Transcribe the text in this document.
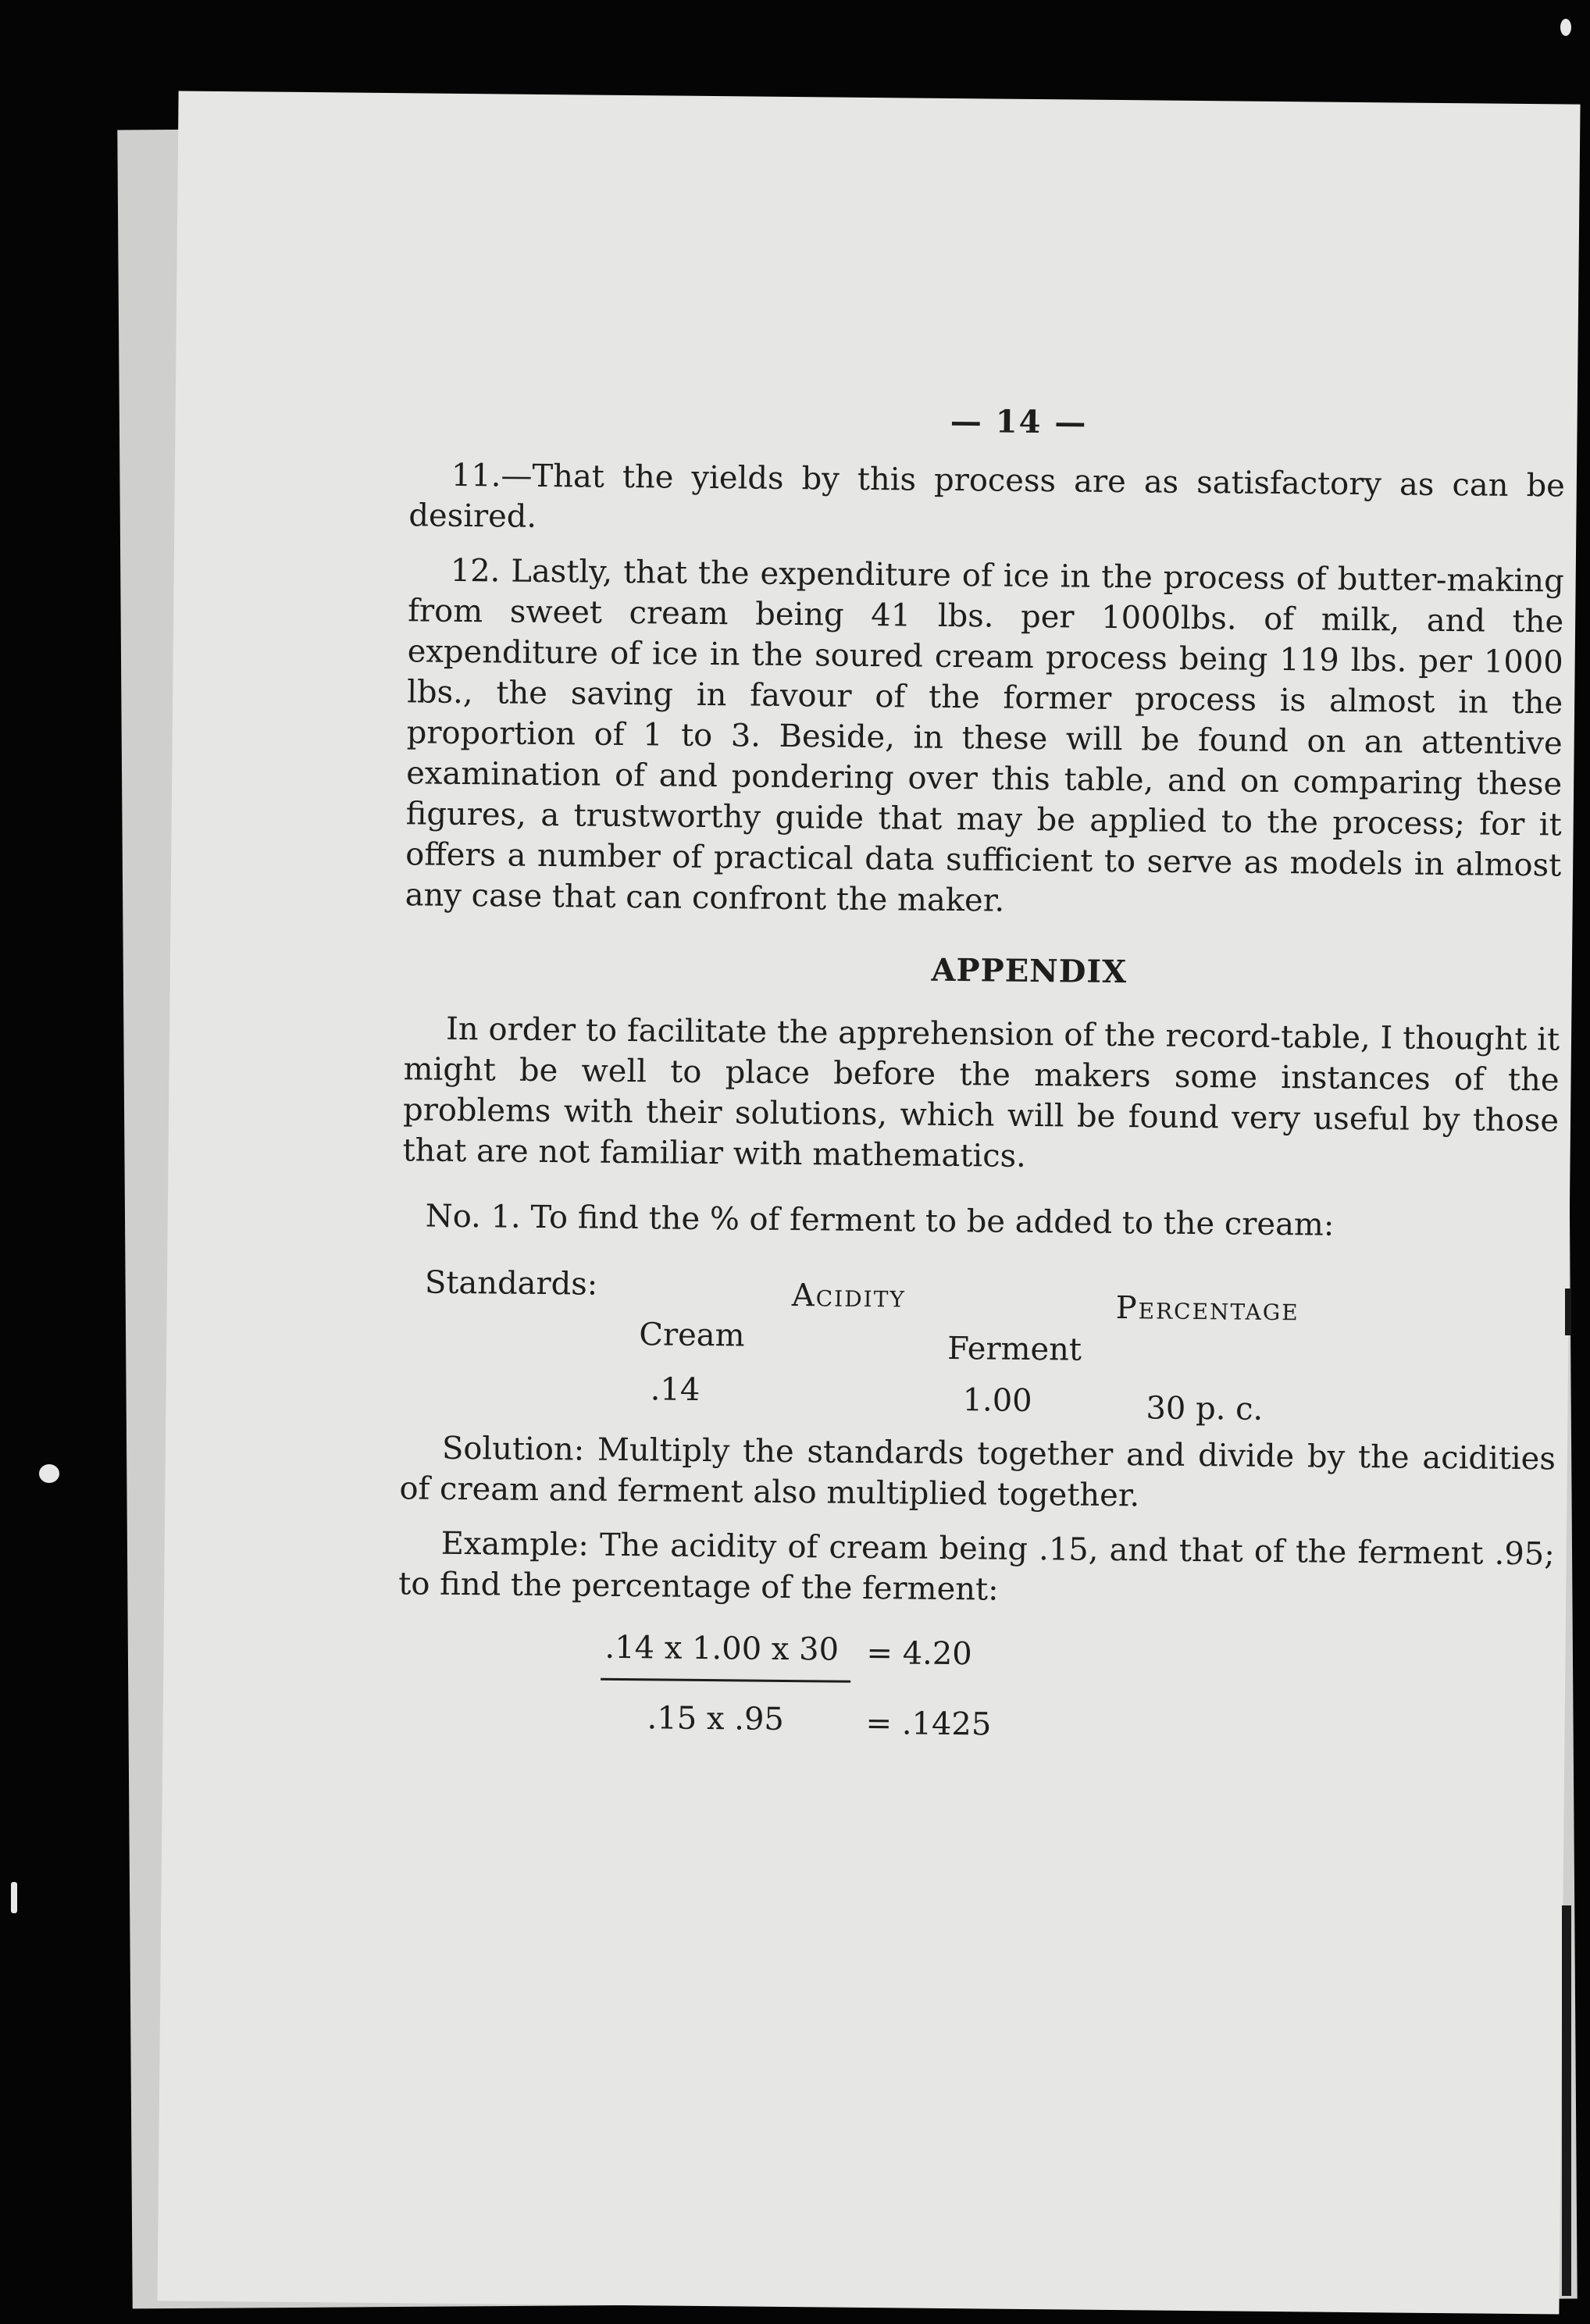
— 14 —

11.—That the yields by this process are as satisfactory as can be desired.

12. Lastly, that the expenditure of ice in the process of butter-making from sweet cream being 41 lbs. per 1000lbs. of milk, and the expenditure of ice in the soured cream process being 119 lbs. per 1000 lbs., the saving in favour of the former process is almost in the proportion of 1 to 3. Beside, in these will be found on an attentive examination of and pondering over this table, and on comparing these figures, a trustworthy guide that may be applied to the process; for it offers a number of practical data sufficient to serve as models in almost any case that can confront the maker.

APPENDIX

In order to facilitate the apprehension of the record-table, I thought it might be well to place before the makers some instances of the problems with their solutions, which will be found very useful by those that are not familiar with mathematics.

No. 1. To find the % of ferment to be added to the cream:
Standards:	Acidity	Percentage
Cream	Ferment
.14	1.00	30 p. c.

Solution: Multiply the standards together and divide by the acidities of cream and ferment also multiplied together.

Example: The acidity of cream being .15, and that of the ferment .95; to find the percentage of the ferment:

.14 x 1.00 x 30 = 4.20
.15 x .95	= .1425
